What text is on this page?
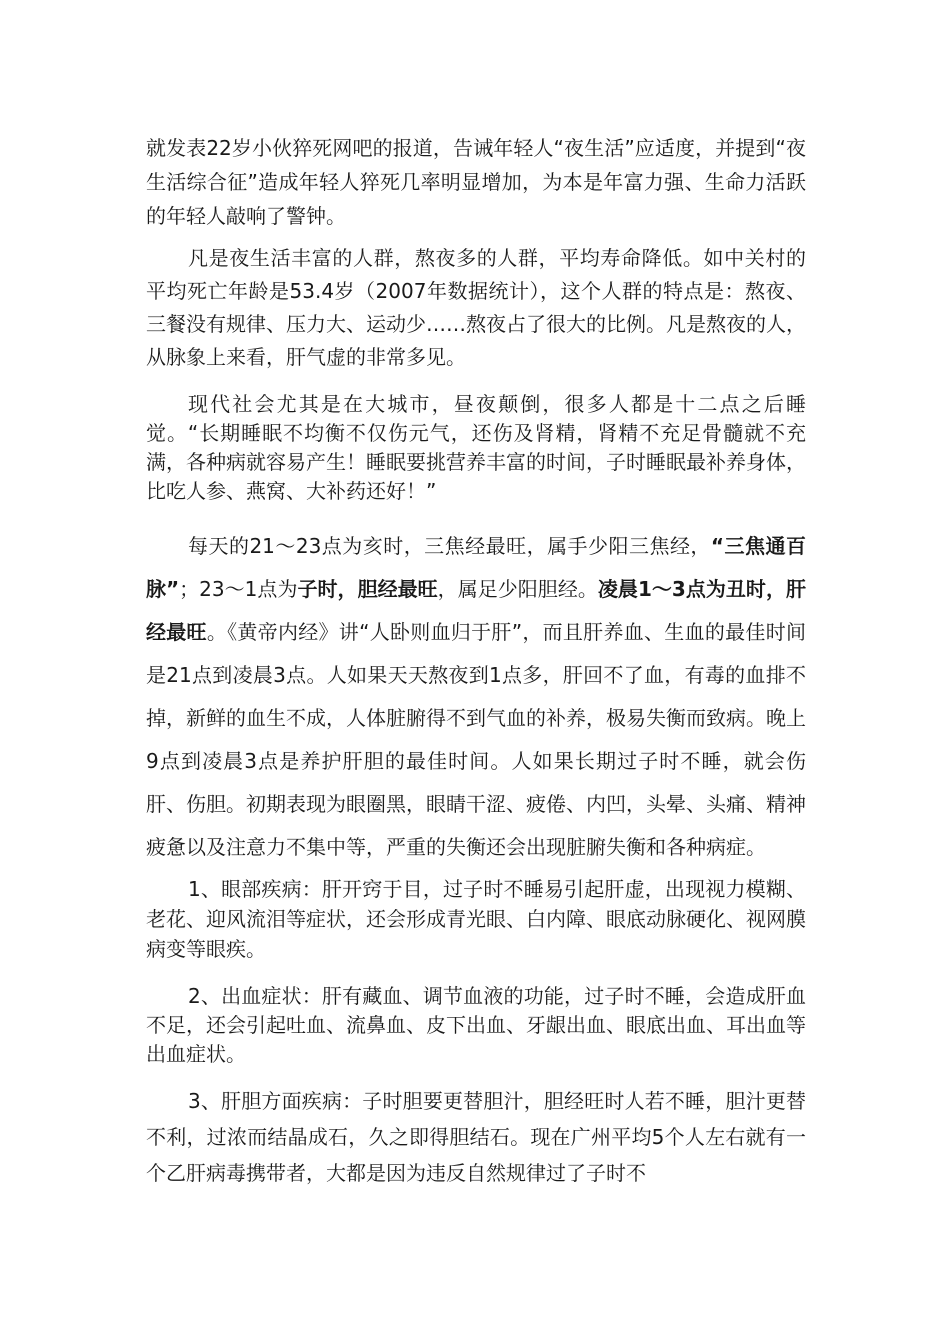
就发表22岁小伙猝死网吧的报道，告诫年轻人“夜生活”应适度，并提到“夜生活综合征”造成年轻人猝死几率明显增加，为本是年富力强、生命力活跃的年轻人敲响了警钟。

凡是夜生活丰富的人群，熬夜多的人群，平均寿命降低。如中关村的平均死亡年龄是53.4岁（2007年数据统计），这个人群的特点是：熬夜、三餐没有规律、压力大、运动少……熬夜占了很大的比例。凡是熬夜的人，从脉象上来看，肝气虚的非常多见。

现代社会尤其是在大城市，昼夜颠倒，很多人都是十二点之后睡觉。“长期睡眠不均衡不仅伤元气，还伤及肾精，肾精不充足骨髓就不充满，各种病就容易产生！睡眠要挑营养丰富的时间，子时睡眠最补养身体，比吃人参、燕窝、大补药还好！”

每天的21～23点为亥时，三焦经最旺，属手少阳三焦经，“三焦通百脉”；23～1点为子时，胆经最旺，属足少阳胆经。凌晨1～3点为丑时，肝经最旺。《黄帝内经》讲“人卧则血归于肝”，而且肝养血、生血的最佳时间是21点到凌晨3点。人如果天天熬夜到1点多，肝回不了血，有毒的血排不掉，新鲜的血生不成，人体脏腑得不到气血的补养，极易失衡而致病。晚上9点到凌晨3点是养护肝胆的最佳时间。人如果长期过子时不睡，就会伤肝、伤胆。初期表现为眼圈黑，眼睛干涩、疲倦、内凹，头晕、头痛、精神疲惫以及注意力不集中等，严重的失衡还会出现脏腑失衡和各种病症。

1、眼部疾病：肝开窍于目，过子时不睡易引起肝虚，出现视力模糊、老花、迎风流泪等症状，还会形成青光眼、白内障、眼底动脉硬化、视网膜病变等眼疾。

2、出血症状：肝有藏血、调节血液的功能，过子时不睡，会造成肝血不足，还会引起吐血、流鼻血、皮下出血、牙龈出血、眼底出血、耳出血等出血症状。

3、肝胆方面疾病：子时胆要更替胆汁，胆经旺时人若不睡，胆汁更替不利，过浓而结晶成石，久之即得胆结石。现在广州平均5个人左右就有一个乙肝病毒携带者，大都是因为违反自然规律过了子时不
